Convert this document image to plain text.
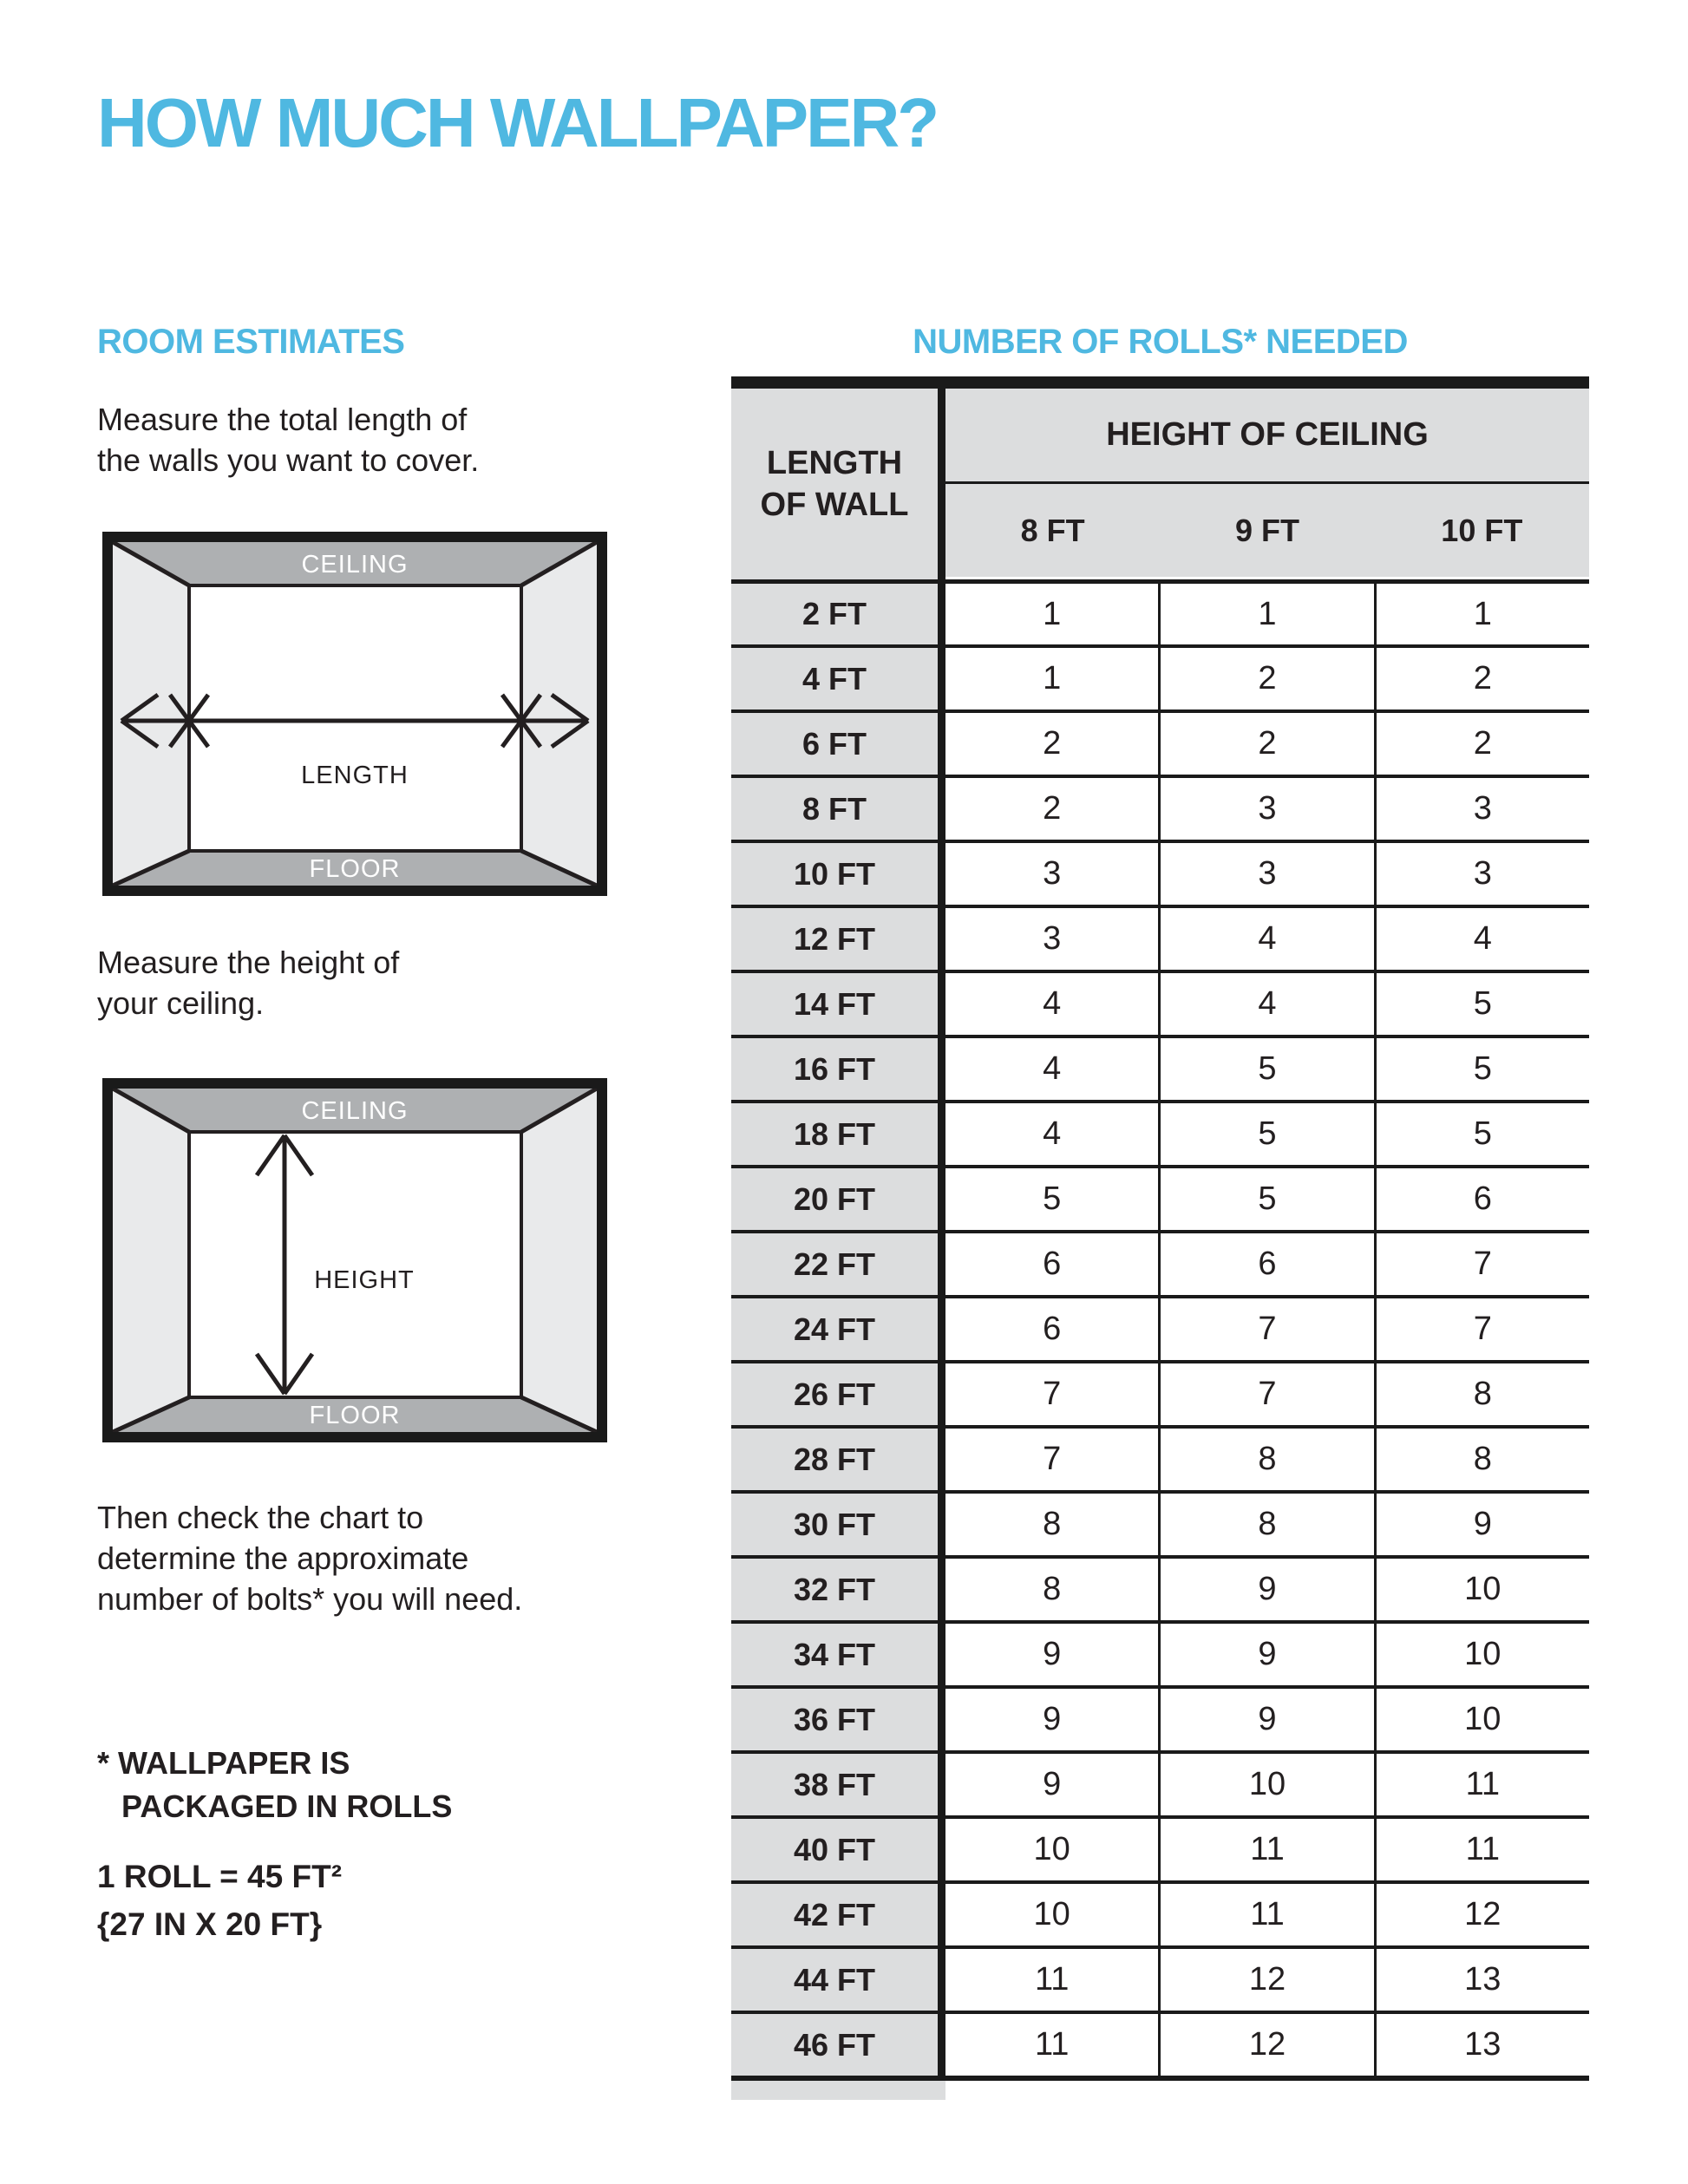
HOW MUCH WALLPAPER?
ROOM ESTIMATES
Measure the total length of
the walls you want to cover.
CEILING
FLOOR
LENGTH
Measure the height of
your ceiling.
CEILING
FLOOR
HEIGHT
Then check the chart to
determine the approximate
number of bolts* you will need.
* WALLPAPER IS
PACKAGED IN ROLLS
1 ROLL = 45 FT²
{27 IN X 20 FT}
NUMBER OF ROLLS* NEEDED
LENGTH
OF WALL
HEIGHT OF CEILING
8 FT	9 FT	10 FT
2 FT	1	1	1
4 FT	1	2	2
6 FT	2	2	2
8 FT	2	3	3
10 FT	3	3	3
12 FT	3	4	4
14 FT	4	4	5
16 FT	4	5	5
18 FT	4	5	5
20 FT	5	5	6
22 FT	6	6	7
24 FT	6	7	7
26 FT	7	7	8
28 FT	7	8	8
30 FT	8	8	9
32 FT	8	9	10
34 FT	9	9	10
36 FT	9	9	10
38 FT	9	10	11
40 FT	10	11	11
42 FT	10	11	12
44 FT	11	12	13
46 FT	11	12	13
